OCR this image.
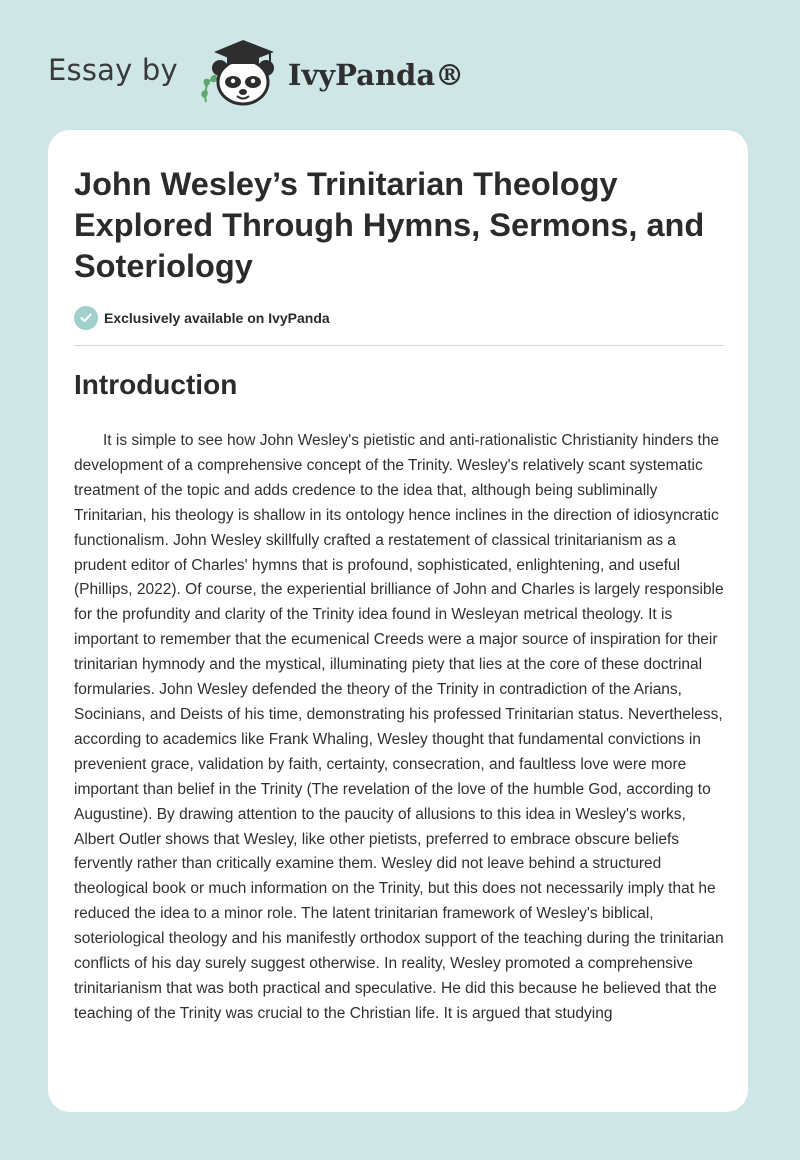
Essay by	IvyPanda®
John Wesley’s Trinitarian Theology Explored Through Hymns, Sermons, and Soteriology
Exclusively available on IvyPanda
Introduction

It is simple to see how John Wesley's pietistic and anti-rationalistic Christianity hinders the development of a comprehensive concept of the Trinity. Wesley's relatively scant systematic treatment of the topic and adds credence to the idea that, although being subliminally Trinitarian, his theology is shallow in its ontology hence inclines in the direction of idiosyncratic functionalism. John Wesley skillfully crafted a restatement of classical trinitarianism as a prudent editor of Charles' hymns that is profound, sophisticated, enlightening, and useful (Phillips, 2022). Of course, the experiential brilliance of John and Charles is largely responsible for the profundity and clarity of the Trinity idea found in Wesleyan metrical theology. It is important to remember that the ecumenical Creeds were a major source of inspiration for their trinitarian hymnody and the mystical, illuminating piety that lies at the core of these doctrinal formularies. John Wesley defended the theory of the Trinity in contradiction of the Arians, Socinians, and Deists of his time, demonstrating his professed Trinitarian status. Nevertheless, according to academics like Frank Whaling, Wesley thought that fundamental convictions in prevenient grace, validation by faith, certainty, consecration, and faultless love were more important than belief in the Trinity (The revelation of the love of the humble God, according to Augustine). By drawing attention to the paucity of allusions to this idea in Wesley's works, Albert Outler shows that Wesley, like other pietists, preferred to embrace obscure beliefs fervently rather than critically examine them. Wesley did not leave behind a structured theological book or much information on the Trinity, but this does not necessarily imply that he reduced the idea to a minor role. The latent trinitarian framework of Wesley's biblical, soteriological theology and his manifestly orthodox support of the teaching during the trinitarian conflicts of his day surely suggest otherwise. In reality, Wesley promoted a comprehensive trinitarianism that was both practical and speculative. He did this because he believed that the teaching of the Trinity was crucial to the Christian life. It is argued that studying
